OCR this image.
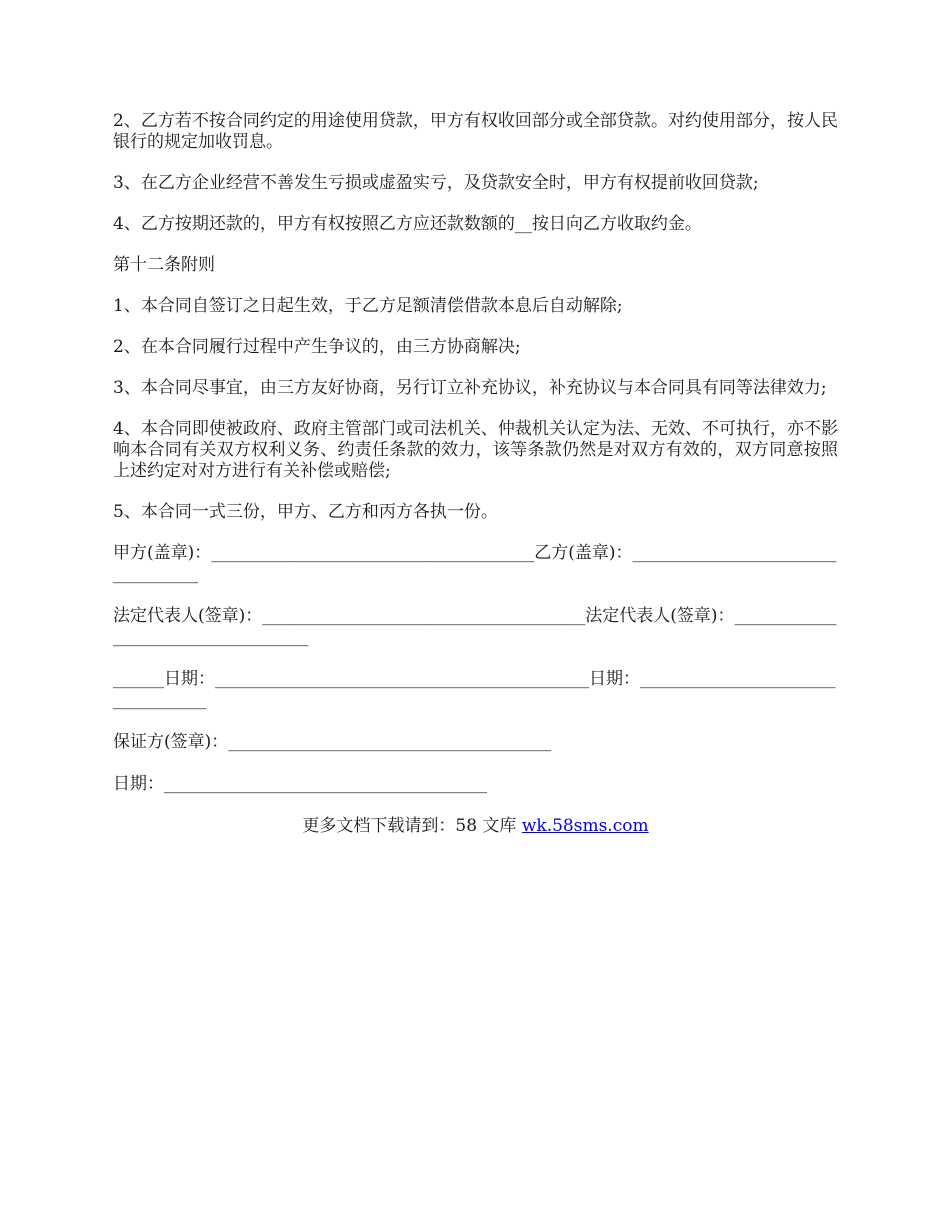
2、乙方若不按合同约定的用途使用贷款，甲方有权收回部分或全部贷款。对约使用部分，按人民银行的规定加收罚息。

3、在乙方企业经营不善发生亏损或虚盈实亏，及贷款安全时，甲方有权提前收回贷款;

4、乙方按期还款的，甲方有权按照乙方应还款数额的__按日向乙方收取约金。

第十二条附则

1、本合同自签订之日起生效，于乙方足额清偿借款本息后自动解除;

2、在本合同履行过程中产生争议的，由三方协商解决;

3、本合同尽事宜，由三方友好协商，另行订立补充协议，补充协议与本合同具有同等法律效力;

4、本合同即使被政府、政府主管部门或司法机关、仲裁机关认定为法、无效、不可执行，亦不影响本合同有关双方权利义务、约责任条款的效力，该等条款仍然是对双方有效的，双方同意按照上述约定对对方进行有关补偿或赔偿;

5、本合同一式三份，甲方、乙方和丙方各执一份。

甲方(盖章)：______________________________________乙方(盖章)：__________________________________

法定代表人(签章)：______________________________________法定代表人(签章)：___________________________________

______日期：____________________________________________日期：__________________________________

保证方(签章)：______________________________________

日期：______________________________________

更多文档下载请到：58 文库 wk.58sms.com
